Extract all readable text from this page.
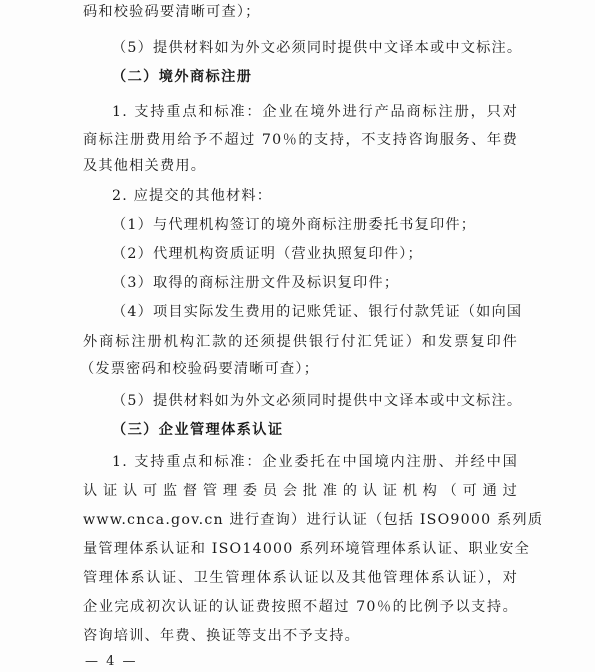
码和校验码要清晰可查）；
（5）提供材料如为外文必须同时提供中文译本或中文标注。
（二）境外商标注册
1. 支持重点和标准：企业在境外进行产品商标注册，只对
商标注册费用给予不超过 70％的支持，不支持咨询服务、年费
及其他相关费用。
2. 应提交的其他材料：
（1）与代理机构签订的境外商标注册委托书复印件；
（2）代理机构资质证明（营业执照复印件）；
（3）取得的商标注册文件及标识复印件；
（4）项目实际发生费用的记账凭证、银行付款凭证（如向国
外商标注册机构汇款的还须提供银行付汇凭证）和发票复印件
（发票密码和校验码要清晰可查）；
（5）提供材料如为外文必须同时提供中文译本或中文标注。
（三）企业管理体系认证
1. 支持重点和标准：企业委托在中国境内注册、并经中国
认证认可监督管理委员会批准的认证机构（可通过
www.cnca.gov.cn 进行查询）进行认证（包括 ISO9000 系列质
量管理体系认证和 ISO14000 系列环境管理体系认证、职业安全
管理体系认证、卫生管理体系认证以及其他管理体系认证），对
企业完成初次认证的认证费按照不超过 70％的比例予以支持。
咨询培训、年费、换证等支出不予支持。
— 4 —
